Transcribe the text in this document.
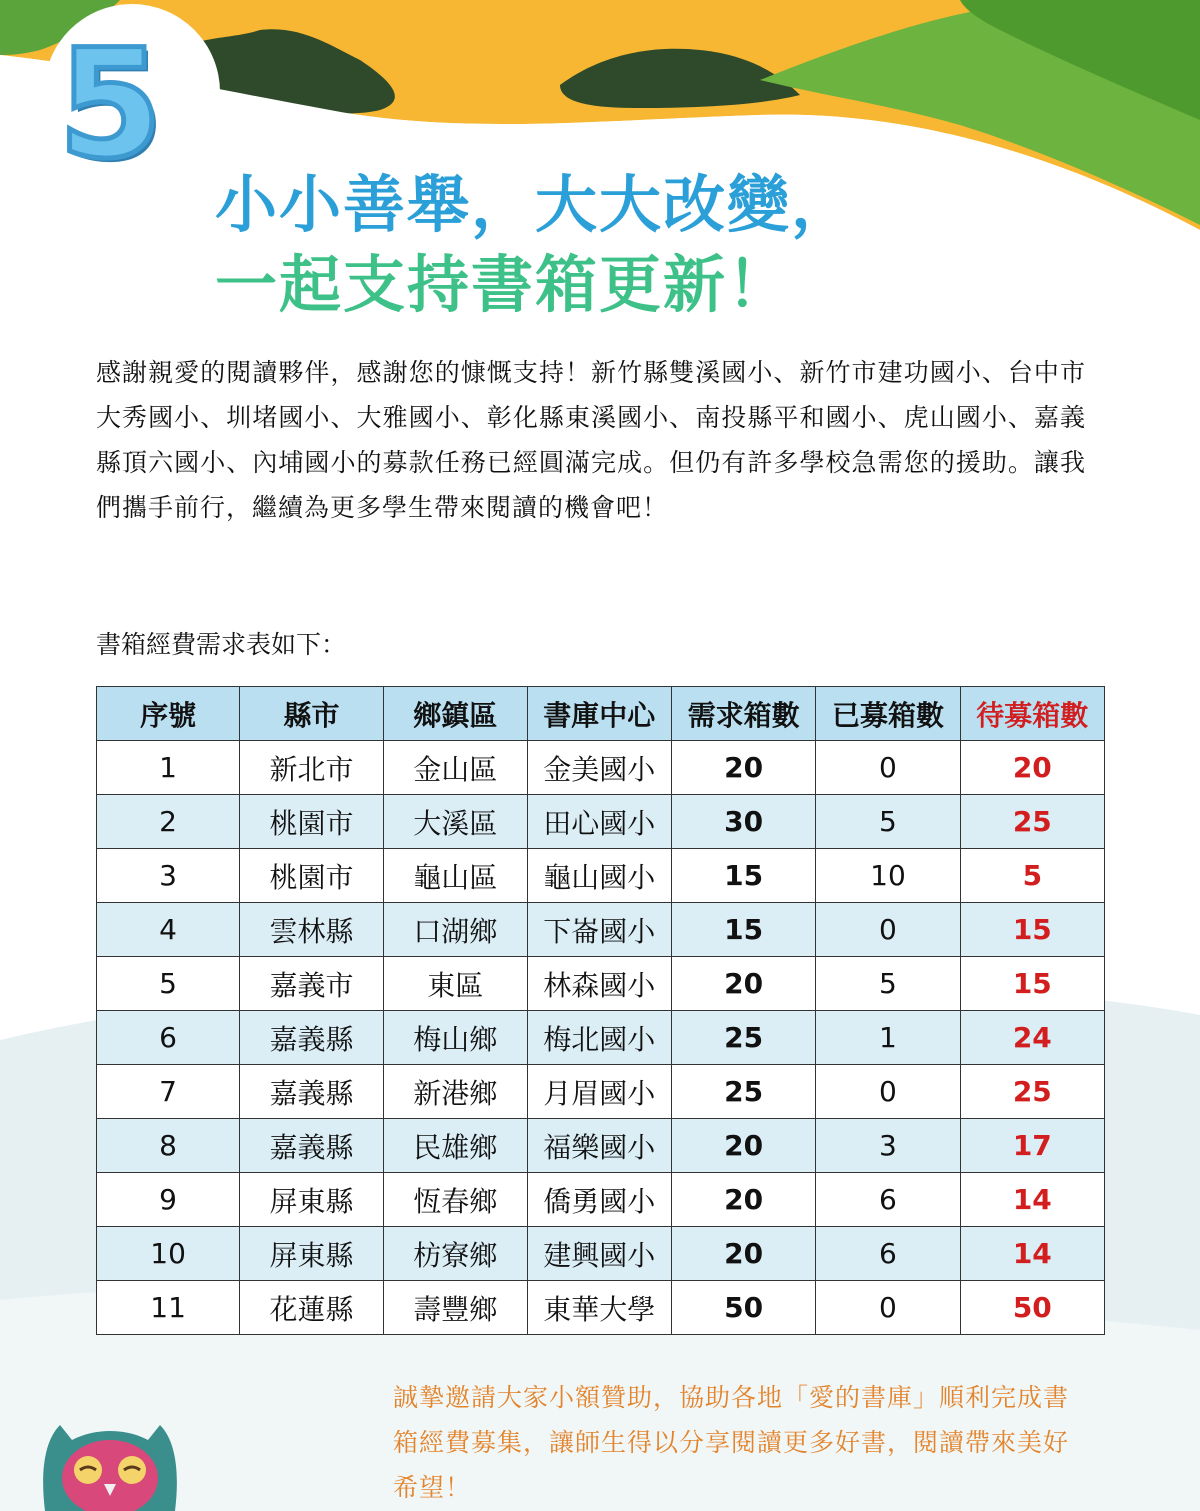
5
小小善舉，大大改變，
一起支持書箱更新！
感謝親愛的閱讀夥伴，感謝您的慷慨支持！新竹縣雙溪國小、新竹市建功國小、台中市大秀國小、圳堵國小、大雅國小、彰化縣東溪國小、南投縣平和國小、虎山國小、嘉義縣頂六國小、內埔國小的募款任務已經圓滿完成。但仍有許多學校急需您的援助。讓我們攜手前行，繼續為更多學生帶來閱讀的機會吧！
書箱經費需求表如下：
序號	縣市	鄉鎮區	書庫中心	需求箱數	已募箱數	待募箱數
1	新北市	金山區	金美國小	20	0	20
2	桃園市	大溪區	田心國小	30	5	25
3	桃園市	龜山區	龜山國小	15	10	5
4	雲林縣	口湖鄉	下崙國小	15	0	15
5	嘉義市	東區	林森國小	20	5	15
6	嘉義縣	梅山鄉	梅北國小	25	1	24
7	嘉義縣	新港鄉	月眉國小	25	0	25
8	嘉義縣	民雄鄉	福樂國小	20	3	17
9	屏東縣	恆春鄉	僑勇國小	20	6	14
10	屏東縣	枋寮鄉	建興國小	20	6	14
11	花蓮縣	壽豐鄉	東華大學	50	0	50
誠摯邀請大家小額贊助，協助各地「愛的書庫」順利完成書箱經費募集，讓師生得以分享閱讀更多好書，閱讀帶來美好希望！
